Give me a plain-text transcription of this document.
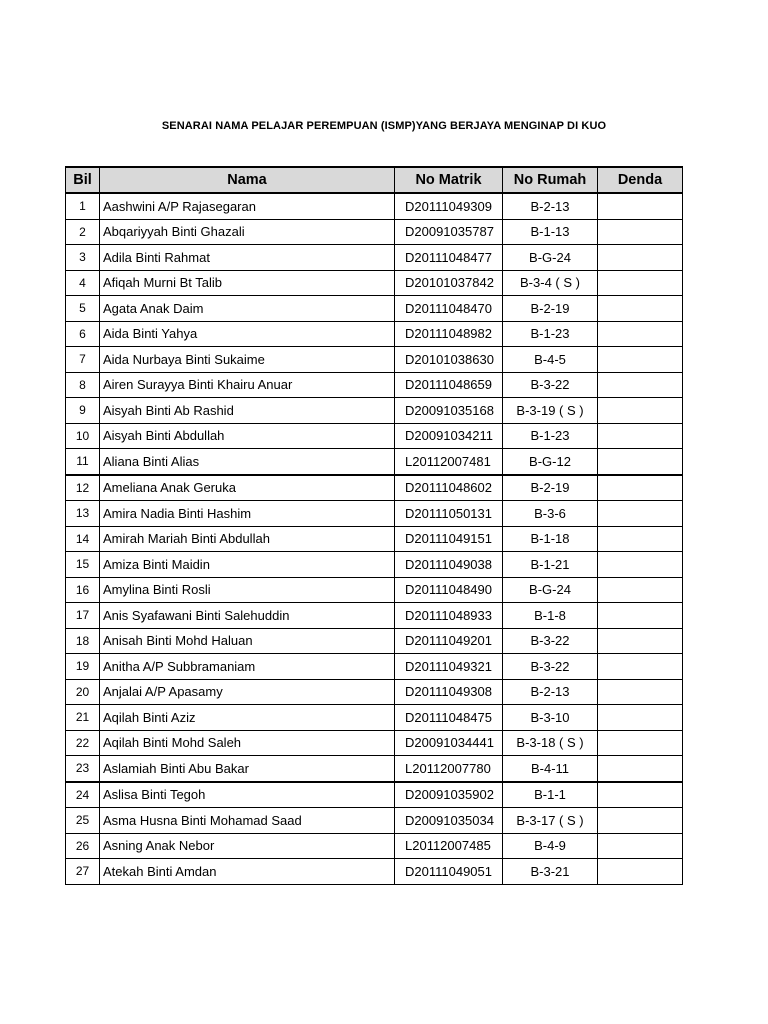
SENARAI NAMA PELAJAR PEREMPUAN (ISMP)YANG BERJAYA MENGINAP DI KUO
Bil	Nama	No Matrik	No Rumah	Denda
1	Aashwini A/P Rajasegaran	D20111049309	B-2-13	
2	Abqariyyah Binti Ghazali	D20091035787	B-1-13	
3	Adila Binti Rahmat	D20111048477	B-G-24	
4	Afiqah Murni Bt Talib	D20101037842	B-3-4 ( S )	
5	Agata Anak Daim	D20111048470	B-2-19	
6	Aida Binti Yahya	D20111048982	B-1-23	
7	Aida Nurbaya Binti Sukaime	D20101038630	B-4-5	
8	Airen Surayya Binti Khairu Anuar	D20111048659	B-3-22	
9	Aisyah Binti Ab Rashid	D20091035168	B-3-19 ( S )	
10	Aisyah Binti Abdullah	D20091034211	B-1-23	
11	Aliana Binti Alias	L20112007481	B-G-12	
12	Ameliana Anak Geruka	D20111048602	B-2-19	
13	Amira Nadia Binti Hashim	D20111050131	B-3-6	
14	Amirah Mariah Binti Abdullah	D20111049151	B-1-18	
15	Amiza Binti Maidin	D20111049038	B-1-21	
16	Amylina Binti Rosli	D20111048490	B-G-24	
17	Anis Syafawani Binti Salehuddin	D20111048933	B-1-8	
18	Anisah Binti Mohd Haluan	D20111049201	B-3-22	
19	Anitha A/P Subbramaniam	D20111049321	B-3-22	
20	Anjalai A/P Apasamy	D20111049308	B-2-13	
21	Aqilah Binti Aziz	D20111048475	B-3-10	
22	Aqilah Binti Mohd Saleh	D20091034441	B-3-18 ( S )	
23	Aslamiah Binti Abu Bakar	L20112007780	B-4-11	
24	Aslisa Binti Tegoh	D20091035902	B-1-1	
25	Asma Husna Binti Mohamad Saad	D20091035034	B-3-17 ( S )	
26	Asning Anak Nebor	L20112007485	B-4-9	
27	Atekah Binti Amdan	D20111049051	B-3-21	
